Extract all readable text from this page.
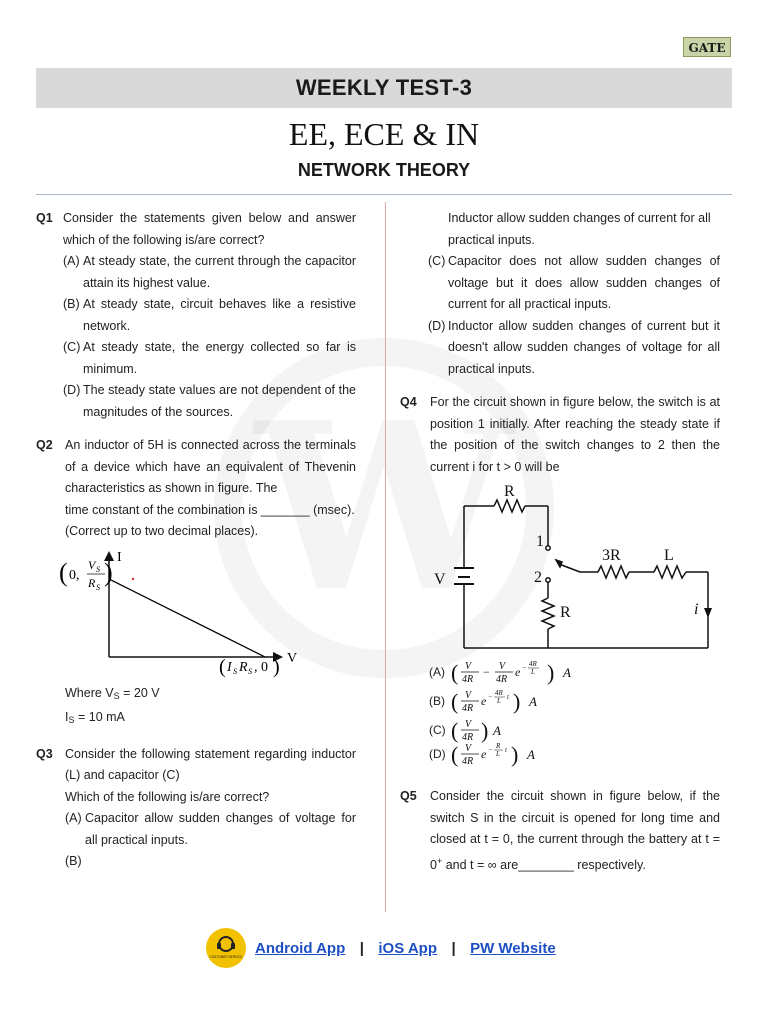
GATE
WEEKLY TEST-3
EE, ECE & IN
NETWORK THEORY
Q1 Consider the statements given below and answer which of the following is/are correct?
(A) At steady state, the current through the capacitor attain its highest value.
(B) At steady state, circuit behaves like a resistive network.
(C) At steady state, the energy collected so far is minimum.
(D) The steady state values are not dependent of the magnitudes of the sources.
Q2 An inductor of 5H is connected across the terminals of a device which have an equivalent of Thevenin characteristics as shown in figure. The
time constant of the combination is _______ (msec).
(Correct up to two decimal places).
I
V
( 0,
V S
R S
)
( I S R S , 0 )
Where $V_S = 20$ V
$I_S = 10$ mA
Q3 Consider the following statement regarding inductor (L) and capacitor (C)
Which of the following is/are correct?
(A) Capacitor allow sudden changes of voltage for all practical inputs.
(B)

Inductor allow sudden changes of current for all practical inputs.
(C) Capacitor does not allow sudden changes of voltage but it does allow sudden changes of current for all practical inputs.
(D) Inductor allow sudden changes of current but it doesn't allow sudden changes of voltage for all practical inputs.
Q4 For the circuit shown in figure below, the switch is at position 1 initially. After reaching the steady state if the position of the switch changes to 2 then the current i for t > 0 will be
R
3R	L
R
V
1
2
i
(A)
(B)
(C)
(D)
( V
4R
− V
4R
e − 4R
L ) A
( V
4R
e − 4R
L t ) A
( V
4R ) A
( V
4R
e − R
L t ) A
Q5 Consider the circuit shown in figure below, if the switch S in the circuit is opened for long time and closed at t = 0, the current through the battery at t = 0+ and t = ∞ are________ respectively.
CUSTOMER SERVICE Android App | iOS App | PW Website
